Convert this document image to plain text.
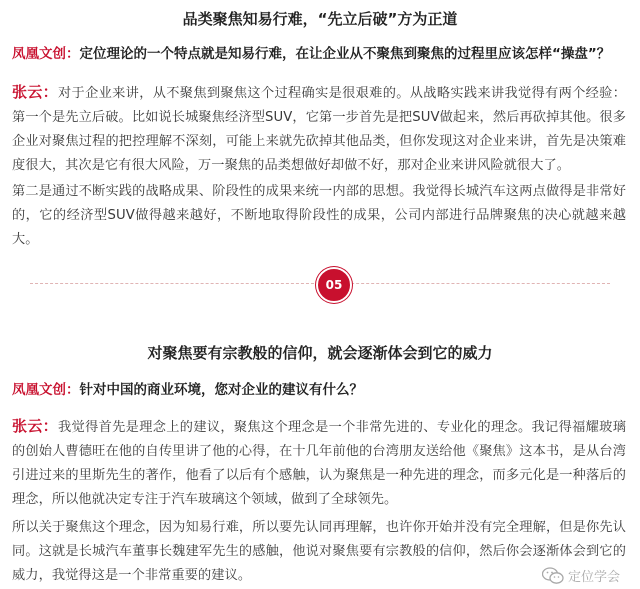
品类聚焦知易行难，“先立后破”方为正道
凤凰文创：定位理论的一个特点就是知易行难，在让企业从不聚焦到聚焦的过程里应该怎样“操盘”？
张云：对于企业来讲，从不聚焦到聚焦这个过程确实是很艰难的。从战略实践来讲我觉得有两个经验：第一个是先立后破。比如说长城聚焦经济型SUV，它第一步首先是把SUV做起来，然后再砍掉其他。很多企业对聚焦过程的把控理解不深刻，可能上来就先砍掉其他品类，但你发现这对企业来讲，首先是决策难度很大，其次是它有很大风险，万一聚焦的品类想做好却做不好，那对企业来讲风险就很大了。
第二是通过不断实践的战略成果、阶段性的成果来统一内部的思想。我觉得长城汽车这两点做得是非常好的，它的经济型SUV做得越来越好，不断地取得阶段性的成果，公司内部进行品牌聚焦的决心就越来越大。
05
对聚焦要有宗教般的信仰，就会逐渐体会到它的威力
凤凰文创：针对中国的商业环境，您对企业的建议有什么？
张云：我觉得首先是理念上的建议，聚焦这个理念是一个非常先进的、专业化的理念。我记得福耀玻璃的创始人曹德旺在他的自传里讲了他的心得，在十几年前他的台湾朋友送给他《聚焦》这本书，是从台湾引进过来的里斯先生的著作，他看了以后有个感触，认为聚焦是一种先进的理念，而多元化是一种落后的理念，所以他就决定专注于汽车玻璃这个领域，做到了全球领先。
所以关于聚焦这个理念，因为知易行难，所以要先认同再理解，也许你开始并没有完全理解，但是你先认同。这就是长城汽车董事长魏建军先生的感触，他说对聚焦要有宗教般的信仰，然后你会逐渐体会到它的威力，我觉得这是一个非常重要的建议。	定位学会
